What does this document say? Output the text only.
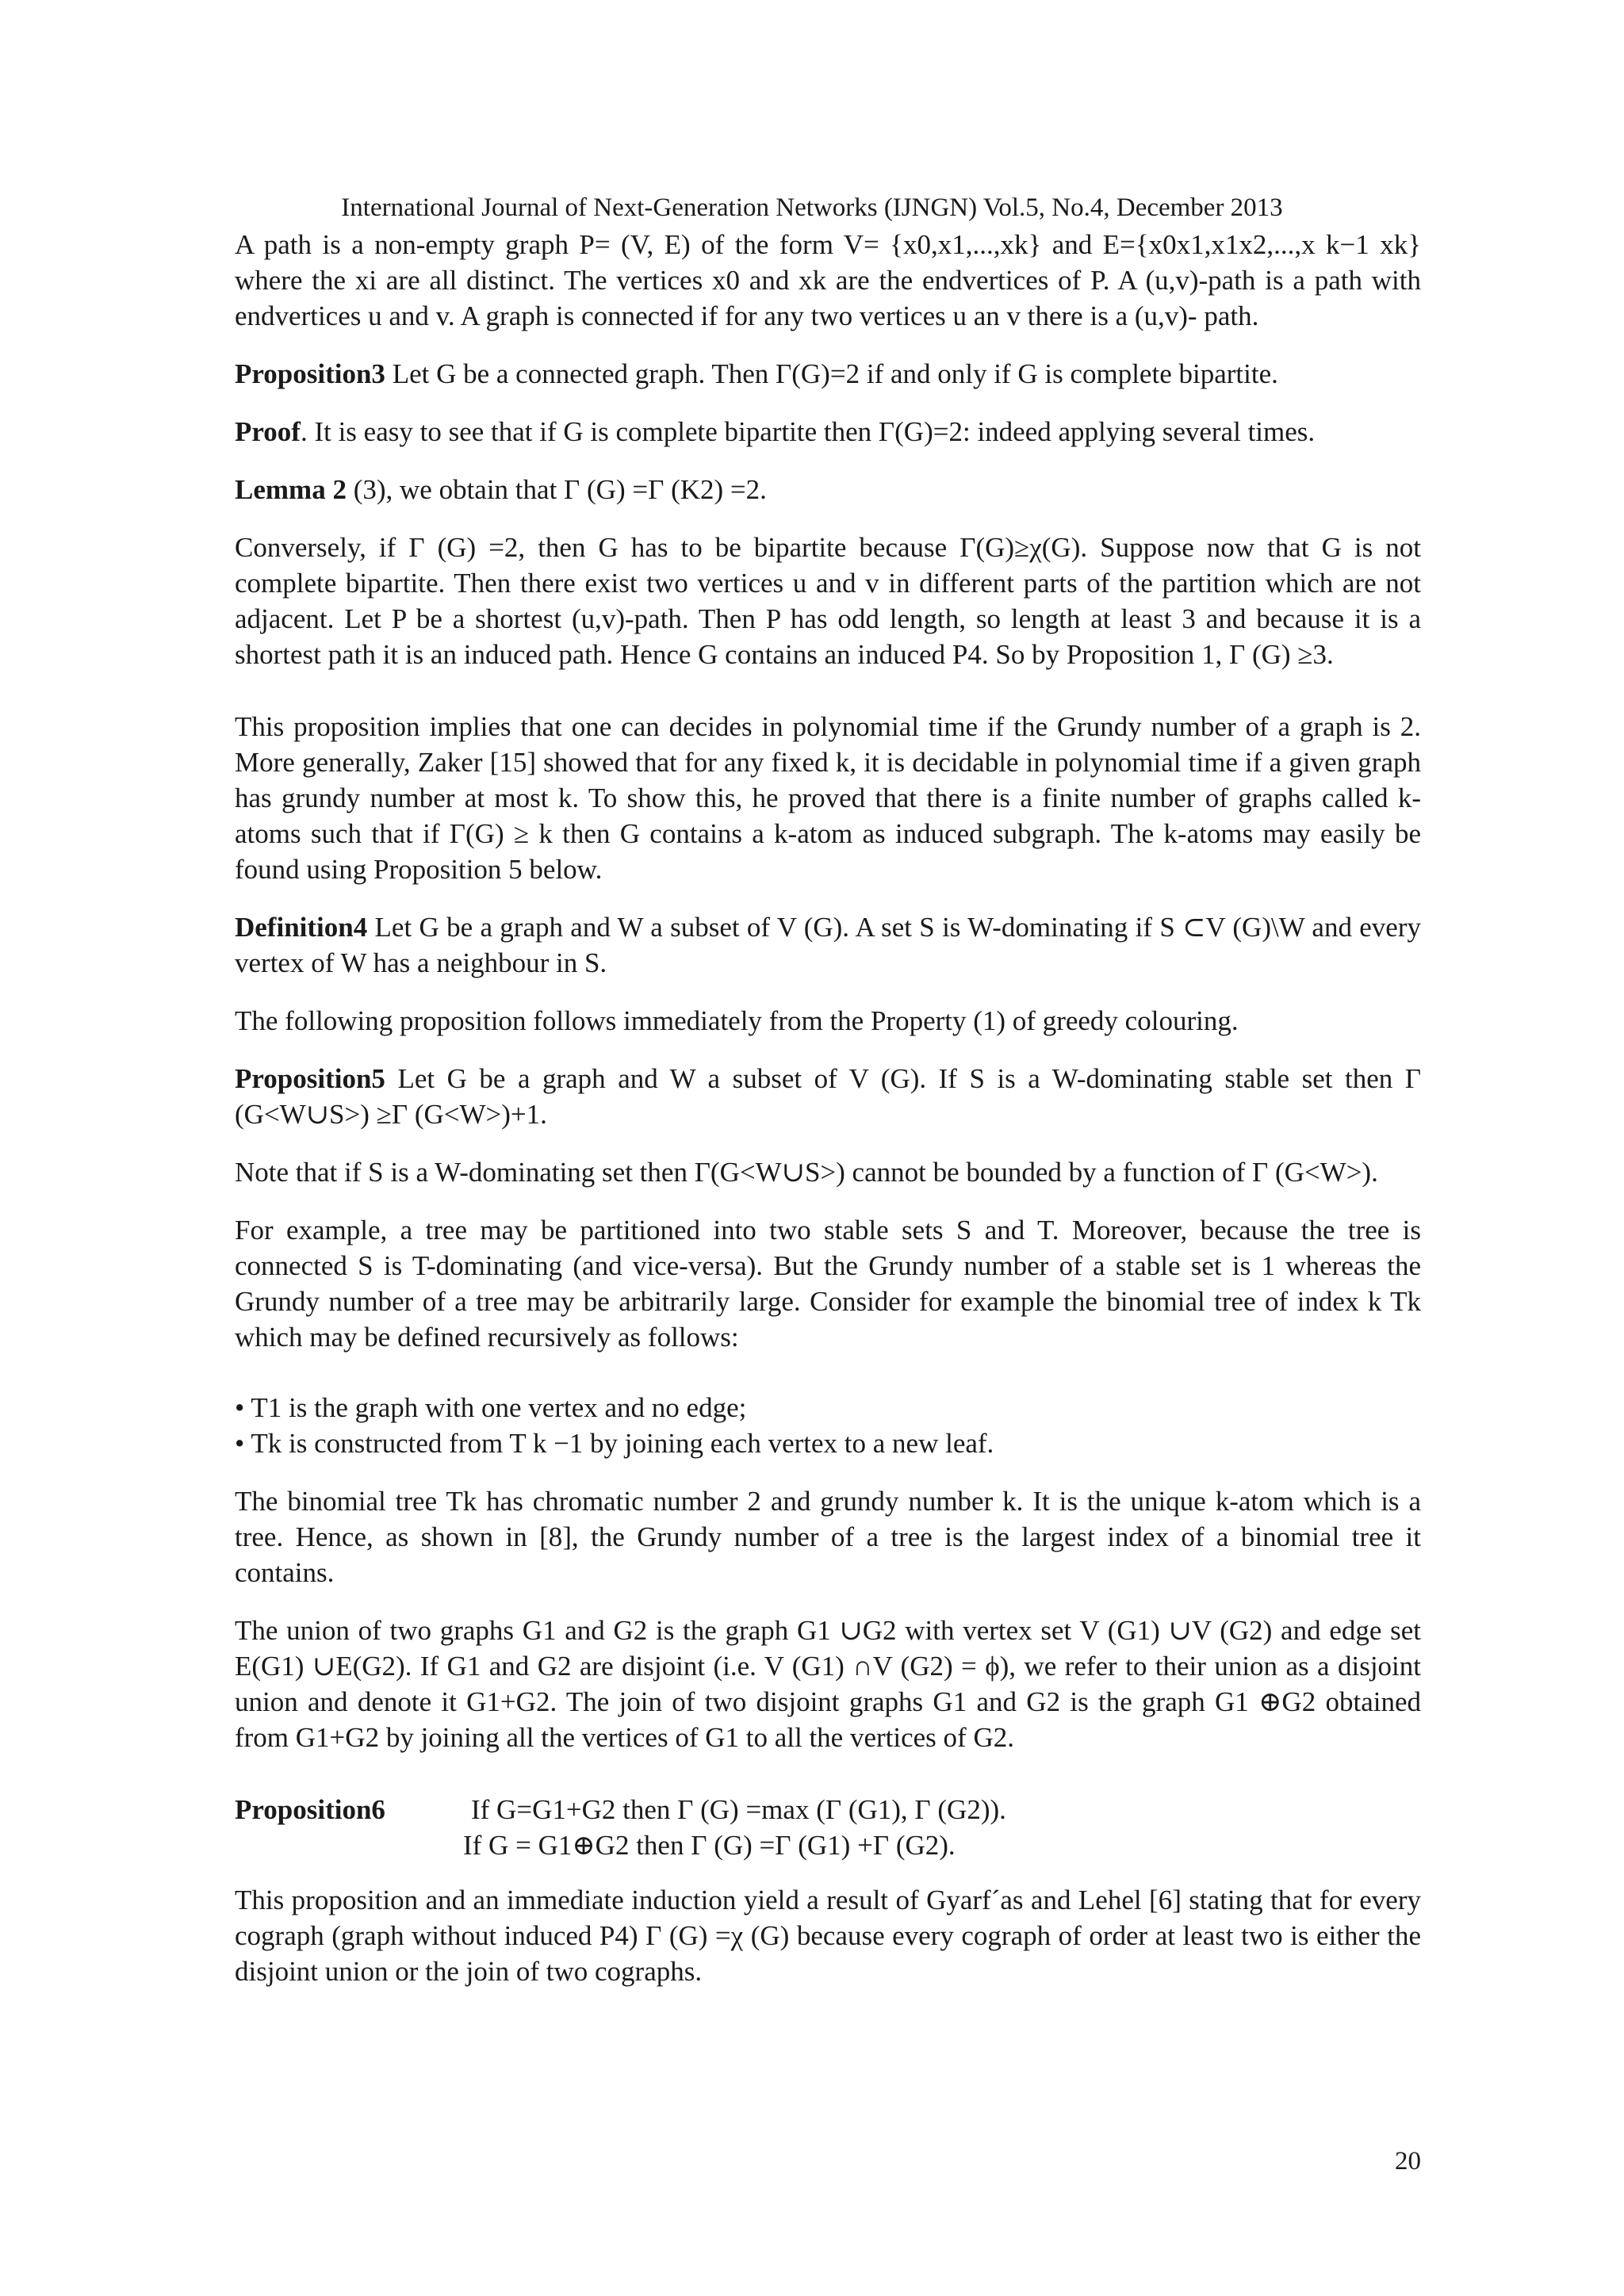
International Journal of Next-Generation Networks (IJNGN) Vol.5, No.4, December 2013

A path is a non-empty graph P= (V, E) of the form V= {x0,x1,...,xk} and E={x0x1,x1x2,...,x k−1 xk} where the xi are all distinct. The vertices x0 and xk are the endvertices of P. A (u,v)-path is a path with endvertices u and v. A graph is connected if for any two vertices u an v there is a (u,v)- path.

Proposition3 Let G be a connected graph. Then Γ(G)=2 if and only if G is complete bipartite.

Proof. It is easy to see that if G is complete bipartite then Γ(G)=2: indeed applying several times.

Lemma 2 (3), we obtain that Γ (G) =Γ (K2) =2.

Conversely, if Γ (G) =2, then G has to be bipartite because Γ(G)≥χ(G). Suppose now that G is not complete bipartite. Then there exist two vertices u and v in different parts of the partition which are not adjacent. Let P be a shortest (u,v)-path. Then P has odd length, so length at least 3 and because it is a shortest path it is an induced path. Hence G contains an induced P4. So by Proposition 1, Γ (G) ≥3.

This proposition implies that one can decides in polynomial time if the Grundy number of a graph is 2. More generally, Zaker [15] showed that for any fixed k, it is decidable in polynomial time if a given graph has grundy number at most k. To show this, he proved that there is a finite number of graphs called k-atoms such that if Γ(G) ≥ k then G contains a k-atom as induced subgraph. The k-atoms may easily be found using Proposition 5 below.

Definition4 Let G be a graph and W a subset of V (G). A set S is W-dominating if S ⊂V (G)\W and every vertex of W has a neighbour in S.

The following proposition follows immediately from the Property (1) of greedy colouring.

Proposition5 Let G be a graph and W a subset of V (G). If S is a W-dominating stable set then Γ (G<W∪S>) ≥Γ (G<W>)+1.

Note that if S is a W-dominating set then Γ(G<W∪S>) cannot be bounded by a function of Γ (G<W>).

For example, a tree may be partitioned into two stable sets S and T. Moreover, because the tree is connected S is T-dominating (and vice-versa). But the Grundy number of a stable set is 1 whereas the Grundy number of a tree may be arbitrarily large. Consider for example the binomial tree of index k Tk which may be defined recursively as follows:

• T1 is the graph with one vertex and no edge;

• Tk is constructed from T k −1 by joining each vertex to a new leaf.

The binomial tree Tk has chromatic number 2 and grundy number k. It is the unique k-atom which is a tree. Hence, as shown in [8], the Grundy number of a tree is the largest index of a binomial tree it contains.

The union of two graphs G1 and G2 is the graph G1 ∪G2 with vertex set V (G1) ∪V (G2) and edge set E(G1) ∪E(G2). If G1 and G2 are disjoint (i.e. V (G1) ∩V (G2) = ϕ), we refer to their union as a disjoint union and denote it G1+G2. The join of two disjoint graphs G1 and G2 is the graph G1 ⊕G2 obtained from G1+G2 by joining all the vertices of G1 to all the vertices of G2.

Proposition6	If G=G1+G2 then Γ (G) =max (Γ (G1), Γ (G2)).
If G = G1⊕G2 then Γ (G) =Γ (G1) +Γ (G2).

This proposition and an immediate induction yield a result of Gyarf´as and Lehel [6] stating that for every cograph (graph without induced P4) Γ (G) =χ (G) because every cograph of order at least two is either the disjoint union or the join of two cographs.

20
